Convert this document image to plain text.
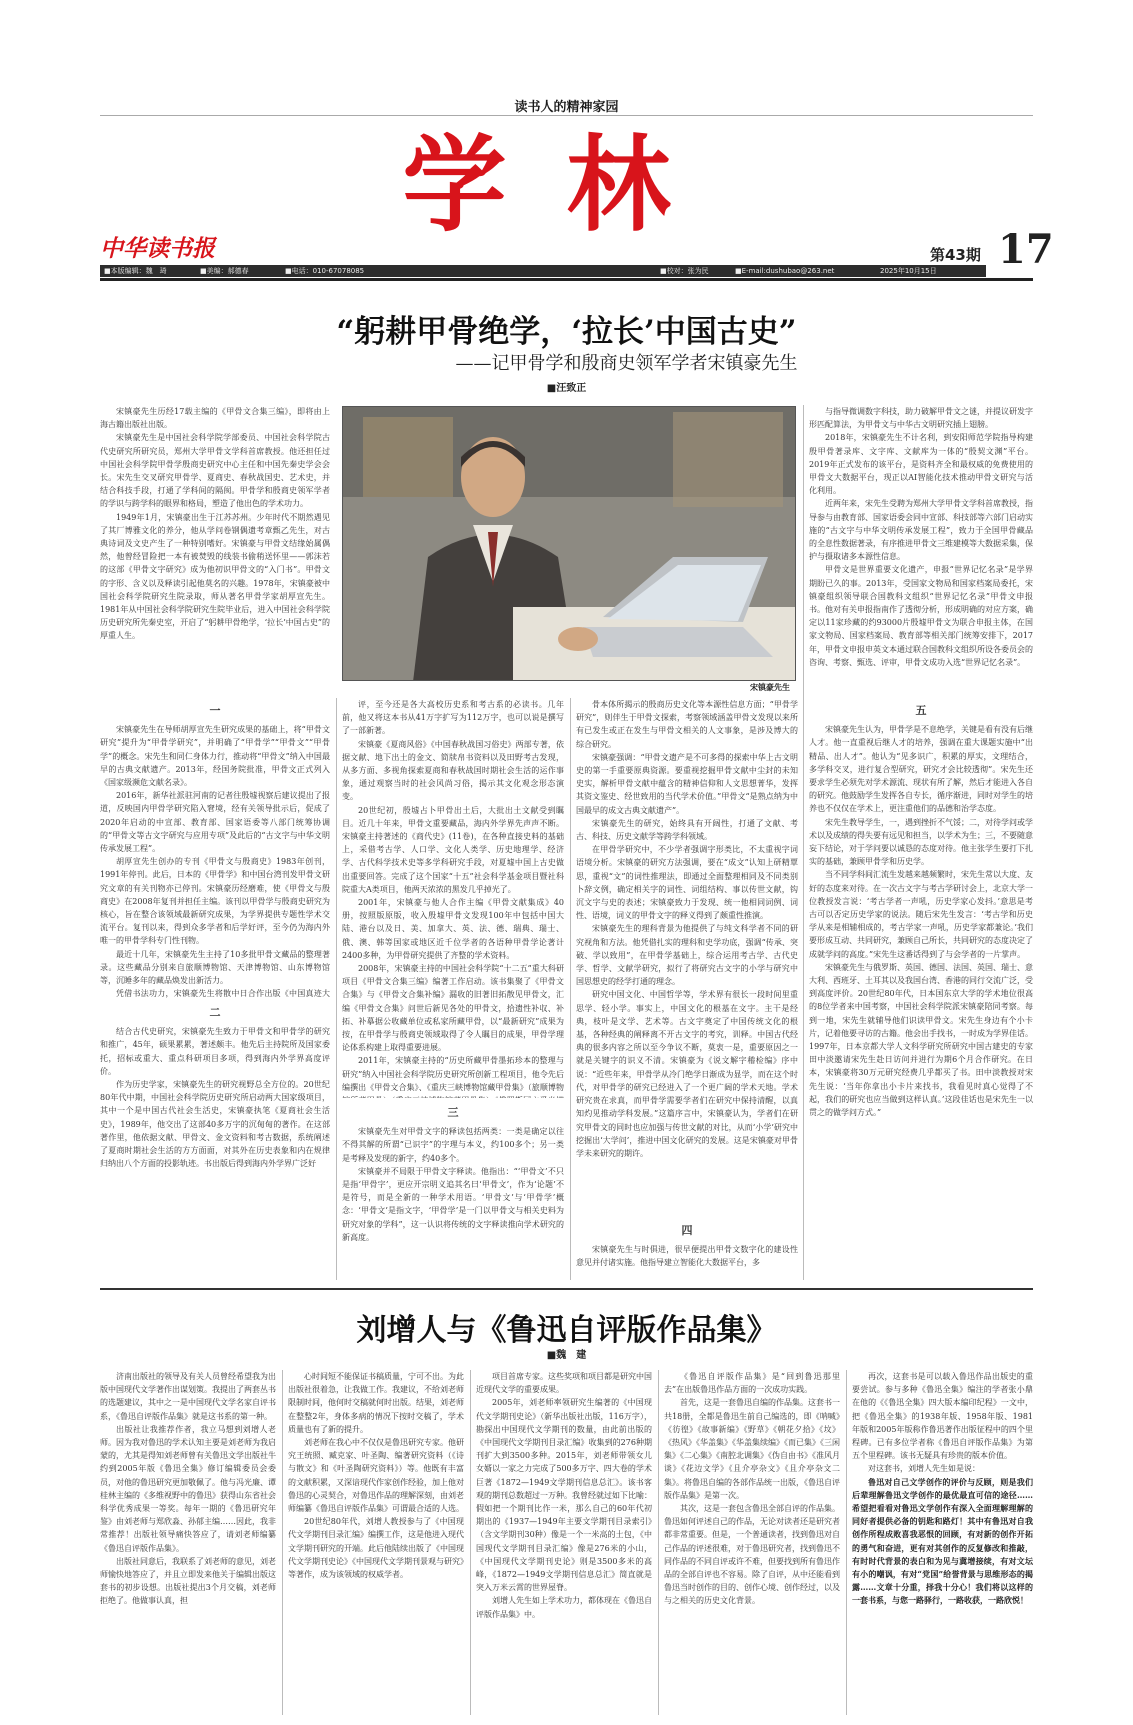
读书人的精神家园
学林
中华读书报	第43期 17
■本版编辑：魏　琦	■美编：郝德春	■电话：010-67078085	■校对：张为民	■E-mail:dushubao@263.net	2025年10月15日
“躬耕甲骨绝学，‘拉长’中国古史”
——记甲骨学和殷商史领军学者宋镇豪先生
■汪致正

宋镇豪先生历经17载主编的《甲骨文合集三编》，即将由上海古籍出版社出版。

宋镇豪先生是中国社会科学院学部委员、中国社会科学院古代史研究所研究员，郑州大学甲骨文学科首席教授。他还担任过中国社会科学院甲骨学殷商史研究中心主任和中国先秦史学会会长。宋先生交叉研究甲骨学、夏商史、春秋战国史、艺术史，并结合科技手段，打通了学科间的隔阂。甲骨学和殷商史领军学者的学识与跨学科的眼界和格局，塑造了他出色的学术功力。

1949年1月，宋镇豪出生于江苏苏州。少年时代不期然遇见了其厂博雅文化的养分，他从学问卷钢偶遗考章甄乙先生，对古典诗词及文史产生了一种特别嗜好。宋镇豪与甲骨文结缘始属偶然，他曾经冒险把一本有被焚毁的线装书偷稍送怀里——郭沫若的这部《甲骨文字研究》成为他初识甲骨文的“入门书”。甲骨文的字形、含义以及释读引起他莫名的兴趣。1978年，宋镇豪被中国社会科学院研究生院录取，师从著名甲骨学家胡厚宣先生。1981年从中国社会科学院研究生院毕业后，进入中国社会科学院历史研究所先秦史室，开启了“躬耕甲骨绝学，‘拉长’中国古史”的厚重人生。

宋镇豪先生

与指导微调数字科技，助力破解甲骨文之谜，并提议研发字形匹配算法，为甲骨文与中华古文明研究插上翅膀。

2018年，宋镇豪先生不计名利，到安阳师范学院指导构建殷甲骨著录库、文字库、文献库为一体的“殷契文渊”平台。2019年正式发布的该平台，是资料齐全和最权威的免费使用的甲骨文大数据平台，现正以AI智能化技术推动甲骨文研究与活化利用。

近两年来，宋先生受聘为郑州大学甲骨文学科首席教授，指导参与由教育部、国家语委会同中宣部、科技部等六部门启动实施的“古文字与中华文明传承发展工程”，致力于全国甲骨藏品的全息性数据著录，有序推进甲骨文三维建模等大数据采集，保护与摄取诸多本源性信息。

甲骨文是世界重要文化遗产，申报“世界记忆名录”是学界期盼已久的事。2013年，受国家文物局和国家档案局委托，宋镇豪组织领导联合国教科文组织“世界记忆名录”甲骨文申报书。他对有关申报指南作了透彻分析，形成明确的对应方案，确定以11家珍藏的约93000片殷墟甲骨文为联合申报主体，在国家文物局、国家档案局、教育部等相关部门统筹安排下，2017年，甲骨文申报申英文本通过联合国教科文组织所设各委员会的咨询、考察、甄选、评审，甲骨文成功入选“世界记忆名录”。

一

宋镇豪先生在导师胡厚宣先生研究成果的基础上，将“甲骨文研究”提升为“甲骨学研究”，并明确了“甲骨学”“甲骨文”“甲骨学”的概念。宋先生和同仁身体力行，推动将“甲骨文”纳入中国最早的古典文献遗产。2013年，经国务院批准，甲骨文正式列入《国家级濒危文献名录》。

2016年，新华社派驻河南的记者往殷墟视察后建议提出了报道，反映国内甲骨学研究陷入窘境，经有关领导批示后，促成了2020年启动的中宣部、教育部、国家语委等八部门统筹协调的“甲骨文等古文字研究与应用专项”及此后的“古文字与中华文明传承发展工程”。

胡厚宣先生创办的专刊《甲骨文与殷商史》1983年创刊，1991年停刊。此后，日本的《甲骨学》和中国台湾刊发甲骨文研究文章的有关刊物亦已停刊。宋镇豪历经磨难，使《甲骨文与殷商史》在2008年复刊并担任主编。该刊以甲骨学与殷商史研究为核心，旨在整合该领域最新研究成果，为学界提供专题性学术交流平台。复刊以来，得到众多学者和后学好评，至今仍为海内外唯一的甲骨学科专门性刊物。

最近十几年，宋镇豪先生主持了10多批甲骨文藏品的整理著录。这些藏品分别来自旅顺博物馆、天津博物馆、山东博物馆等，沉睡多年的藏品焕发出新活力。

凭借书法功力，宋镇豪先生将散中日合作出版《中国真迹大

二

结合古代史研究，宋镇豪先生致力于甲骨文和甲骨学的研究和推广，45年，硕果累累，著述颇丰。他先后主持院所及国家委托，招标或重大、重点科研项目多项，得到海内外学界高度评价。

作为历史学家，宋镇豪先生的研究视野总全方位的。20世纪80年代中期，中国社会科学院历史研究所启动两大国家级项目，其中一个是中国古代社会生活史，宋镇豪执笔《夏商社会生活史》，1989年，他交出了这部40多万字的沉甸甸的著作。在这部著作里，他依据文献、甲骨文、金文资料和考古数据，系统阐述了夏商时期社会生活的方方面面，对其外在历史表象和内在规律归纳出八个方面的投影轨迹。书出版后得到海内外学界广泛好

评，至今还是各大高校历史系和考古系的必读书。几年前，他又将这本书从41万字扩写为112万字，也可以说是撰写了一部新著。

宋镇豪《夏商风俗》《中国春秋战国习俗史》两部专著，依据文献、地下出土的金文、简牍帛书资料以及田野考古发现，从多方面、多视角探索夏商和春秋战国时期社会生活的运作事象，通过观察当时的社会风尚习俗，揭示其文化观念形态演变。

20世纪初，殷墟占卜甲骨出土后，大批出土文献受到瞩目。近几十年来，甲骨文重要藏品，海内外学界先声声不断。宋镇豪主持著述的《商代史》(11卷)，在各种直接史料的基础上，采借考古学、人口学、文化人类学、历史地理学、经济学、古代科学技术史等多学科研究手段，对夏墟中国上古史做出重要回答。完成了这个国家“十五”社会科学基金项目暨社科院重大A类项目，他两天浓浓的黑发几乎掉光了。

2001年，宋镇豪与他人合作主编《甲骨文献集成》40册，按照版原版，收入殷墟甲骨文发现100年中包括中国大陆、港台以及日、美、加拿大、英、法、德、瑞典、瑞士、俄、澳、韩等国家或地区近千位学者的各语种甲骨学论著计2400多种，为甲骨研究提供了齐整的学术资料。

2008年，宋镇豪主持的中国社会科学院“十二五”重大科研项目《甲骨文合集三编》编著工作启动。该书集聚了《甲骨文合集》与《甲骨文合集补编》漏收的旧著旧拓散见甲骨文，汇编《甲骨文合集》问世后新见各处的甲骨文，拾遗性补収、补拓、补摹据公收藏单位或私家所藏甲骨，以“最新研究”成果为按，在甲骨学与殷商史领域取得了令人瞩目的成果，甲骨学理论体系构建上取得重要进展。

2011年，宋镇豪主持的“历史所藏甲骨墨拓珍本的整理与研究”纳入中国社会科学院历史研究所创新工程项目，他令先后编撰出《甲骨文合集》、《重庆三峡博物馆藏甲骨集》（旅顺博物

三

宋镇豪先生对甲骨文字的释读包括两类：一类是确定以往不得其解的所谓“已识字”的字理与本义，约100多个；另一类是考释及发现的新字，约40多个。

宋镇豪并不局限于甲骨文字释读。他指出：“‘甲骨文’不只是指‘甲骨字’，更应开宗明义追其名曰‘甲骨文’，作为‘论题’不是符号，而是全新的一种学术用语。‘甲骨文’与‘甲骨学’概念：‘甲骨文’是指文字，‘甲骨学’是一门以甲骨文与相关史料为研究对象的学科”，这一认识将传统的文字释读推向学术研究的新高度。

骨本体所揭示的殷商历史文化等本源性信息方面；“甲骨学研究”，则伴生于甲骨文探索，考察领域涵盖甲骨文发现以来所有已发生或正在发生与甲骨文相关的人文事象，是涉及博大的综合研究。

宋镇豪强调：“甲骨文遗产是不可多得的探索中华上古文明史的第一手重要原典资源。要重视挖掘甲骨文献中尘封的未知史实，解析甲骨文献中蕴含的精神信仰和人文思想菁华，发挥其资文鉴史、经世致用的当代学术价值。”甲骨文“是熟点纳为中国最早的成文古典文献遗产”。

宋镇豪先生的研究，始终具有开阔性，打通了文献、考古、科技、历史文献学等跨学科领域。

在甲骨学研究中，不少学者强调字形类比，不太重视字词语境分析。宋镇豪的研究方法强调，要在“成文”认知上研精覃思，重视“文”的词性推理法，即通过全面整理相同及不同类别卜辞文例，确定相关字的词性、词组结构、事以传世文献，钩沉文字与史的表述；宋镇豪致力于发现、统一他相同词例、词性、语境，词义的甲骨文字的释义得到了颇重性推演。

宋镇豪先生的理科背景为他提供了与纯文科学者不同的研究视角和方法。他凭借扎实的理科和史学功底，强调“传承、突破、学以致用”，在甲骨学基础上，综合运用考古学、古代史学、哲学、文献学研究，拟行了将研究古文字的小学与研究中国思想史的经学打通的理念。

研究中国文化、中国哲学等，学术界有很长一段时间里重思学、轻小学。事实上，中国文化的根基在文字。主干是经典，枝叶是文学、艺术等。古文字奠定了中国传统文化的根基，各种经典的阐释离不开古文字的考究，训释。中国古代经典的很多内容之所以至今争议不断，莫衷一是，重要原因之一就是关键字的识义不清。宋镇豪为《说文解字稽检编》序中说：“近些年来，甲骨学从冷门绝学日渐成为显学，而在这个时代，对甲骨学的研究已经进入了一个更广阔的学术天地。学术研究贵在求真，而甲骨学需要学者们在研究中保持清醒，以真知灼见推动学科发展。”这篇序言中，宋镇豪认为，学者们在研究甲骨文的同时也应加强与传世文献的对比，从而‘小学’研究中挖掘出‘大学问’，推进中国文化研究的发展。这是宋镇豪对甲骨学未来研究的期许。

四

宋镇豪先生与时俱进，很早便提出甲骨文数字化的建设性意见并付诸实施。他指导建立智能化大数据平台，多

五

宋镇豪先生认为，甲骨学是不息绝学，关键是看有没有后继人才。他一直重视后继人才的培养，强调在重大课题实施中“出精品、出人才”。他认为“见多识广，积累的厚实，文理结合，多学科交叉，进行复合型研究，研究才会比较透彻”。宋先生还要求学生必须先对学术源流、现状有所了解，然后才能进入各自的研究。他鼓励学生发挥各自专长，循序渐进，同时对学生的培养也不仅仅在学术上，更注重他们的品德和治学态度。

宋先生教导学生，一，遇到挫折不气馁；二，对待学问或学术以及成绩的得失要有远见和担当，以学术为生；三，不要随意妄下结论，对于学问要以诚恳的态度对待。他主张学生要打下扎实的基础，兼顾甲骨学和历史学。

当不同学科间汇流生发越来越频繁时，宋先生常以大度、友好的态度来对待。在一次古文字与考古学研讨会上，北京大学一位教授发言说：‘考古学者一声吼，历史学家心发抖。’意思是考古可以否定历史学家的说法。随后宋先生发言：‘考古学和历史学从来是相辅相成的，考古学家一声吼，历史学家都兼论。’我们要形成互动、共同研究，兼顾自己所长，共同研究的态度决定了成就学问的高度。”宋先生这番话得到了与会学者的一片掌声。

宋镇豪先生与俄罗斯、英国、德国、法国、英国、瑞士、意大利、西班牙、土耳其以及我国台湾、香港的同行交流广泛，受到高度评价。20世纪80年代，日本国东京大学的学术地位很高的8位学者来中国考察，中国社会科学院派宋镇豪陪同考察。每到一地，宋先生就辅导他们识读甲骨文。宋先生身边有个小卡片，记着他要寻访的古籍。他会出手找书，一时成为学界佳话。1997年，日本京都大学人文科学研究所研究中国古建史的专家田中淡邀请宋先生赴日访问并进行为期6个月合作研究。在日本，宋镇豪将30万元研究经费几乎都买了书。田中淡教授对宋先生说：‘当年你拿出小卡片来找书，我看见时真心觉得了不起，我们的研究也应当做到这样认真。’这段佳话也是宋先生一以贯之的做学问方式。”

刘增人与《鲁迅自评版作品集》
■魏　建

济南出版社的领导及有关人员曾经希望我为出版中国现代文学著作出谋划策。我提出了两套丛书的选题建议，其中之一是中国现代文学名家自评书系，《鲁迅自评版作品集》就是这书系的第一种。

出版社让我推荐作者，我立马想到刘增人老师。因为我对鲁迅的学术认知主要是刘老师为我启蒙的，尤其是得知刘老师曾有关鲁迅文学出版社牛约到2005年版《鲁迅全集》修订编辑委员会委员，对他的鲁迅研究更加敬佩了。他与冯光廉、谭桂林主编的《多维视野中的鲁迅》获得山东省社会科学优秀成果一等奖。每年一期的《鲁迅研究年鉴》由刘老师与郑欣淼、孙郁主编……因此，我非常推荐！出版社领导痛快答应了，请刘老师编纂《鲁迅自评版作品集》。

出版社同意后，我联系了刘老师的意见，刘老师愉快地答应了，并且立即发来他关于编辑出版这套书的初步设想。出版社提出3个月交稿，刘老师拒绝了。他做事认真，担

心时间短不能保证书稿质量，宁可不出。为此出版社很着急，让我做工作。我建议，不给刘老师限制时间，他何时交稿就何时出版。结果，刘老师在整整2年，身体多病的情况下按时交稿了，学术质量也有了新的提升。

刘老师在我心中不仅仅是鲁迅研究专家。他研究王统照、臧克家、叶圣陶、编著研究资料（《诗与散文》和《叶圣陶研究资料》）等。他既有丰富的文献积累，又深谙现代作家创作经验，加上他对鲁迅的心灵契合，对鲁迅作品的理解深刻，由刘老师编纂《鲁迅自评版作品集》可谓最合适的人选。

20世纪80年代，刘增人教授参与了《中国现代文学期刊目录汇编》编撰工作，这是他进入现代文学期刊研究的开端。此后他陆续出版了《中国现代文学期刊史论》《中国现代文学期刊景观与研究》等著作，成为该领域的权威学者。

项目首席专家。这些奖项和项目都是研究中国近现代文学的重要成果。

2005年，刘老师率领研究生编著的《中国现代文学期刊史论》（新华出版社出版，116万字），勘探出中国现代文学期刊的数量，由此前出版的《中国现代文学期刊目录汇编》收集到的276种期刊扩大到3500多种。2015年，刘老师带领女儿女婿以一家之力完成了500多万字、四大卷的学术巨著《1872—1949文学期刊信息总汇》。该书客观的期刊总数超过一万种。我曾经就过如下比喻：假如把一个期刊比作一米，那么自己的60年代初期出的《1937—1949年主要文学期刊目录索引》（含文学期刊30种）像是一个一米高的土包，《中国现代文学期刊目录汇编》像是276米的小山，《中国现代文学期刊史论》则是3500多米的高峰，《1872—1949文学期刊信息总汇》简直就是突入万米云霄的世界屋脊。

刘增人先生如上学术功力，都体现在《鲁迅自评版作品集》中。

《鲁迅自评版作品集》是“回到鲁迅那里去”在出版鲁迅作品方面的一次成功实践。

首先，这是一套鲁迅自编的作品集。这套书一共18册，全都是鲁迅生前自己编选的，即《呐喊》《彷徨》《故事新编》《野草》《朝花夕拾》《坟》《热风》《华盖集》《华盖集续编》《而已集》《三闲集》《二心集》《南腔北调集》《伪自由书》《准风月谈》《花边文学》《且介亭杂文》《且介亭杂文二集》。将鲁迅自编的各部作品统一出版，《鲁迅自评版作品集》是第一次。

其次，这是一套包含鲁迅全部自评的作品集。鲁迅如何评述自己的作品，无论对读者还是研究者都非常重要。但是，一个普通读者，找到鲁迅对自己作品的评述很难，对于鲁迅研究者，找到鲁迅不同作品的不同自评或许不难，但要找到所有鲁迅作品的全部自评也不容易。除了自评，从中还能看到鲁迅当时创作的目的、创作心境、创作经过，以及与之相关的历史文化背景。

再次，这套书是可以载入鲁迅作品出版史的重要尝试。参与多种《鲁迅全集》编注的学者张小鼎在他的《《鲁迅全集》四大版本编印纪程》一文中，把《鲁迅全集》的1938年版、1958年版、1981年版和2005年版称作鲁迅著作出版征程中的四个里程碑。已有多位学者称《鲁迅自评版作品集》为第五个里程碑。该书无疑具有珍贵的版本价值。

对这套书，刘增人先生如是说：

鲁迅对自己文学创作的评价与反顾，则是我们后辈理解鲁迅文学创作的最优最直可信的途径……希望把看看对鲁迅文学创作有深入全面理解理解的同好者提供必备的钥匙和路灯！其中有鲁迅对自我创作所程成败喜我恶恨的回顾，有对新的创作开拓的勇气和奋进，更有对其创作的反复修改和推敲，有时时代背景的表白和为见与冀增接续，有对文坛有小的嘲讽，有对“党国”给誉背景与思维形态的揭露……文章十分重，择我十分心！我们将以这样的一套书系，与您一路驿行，一路收获，一路欣悦！
